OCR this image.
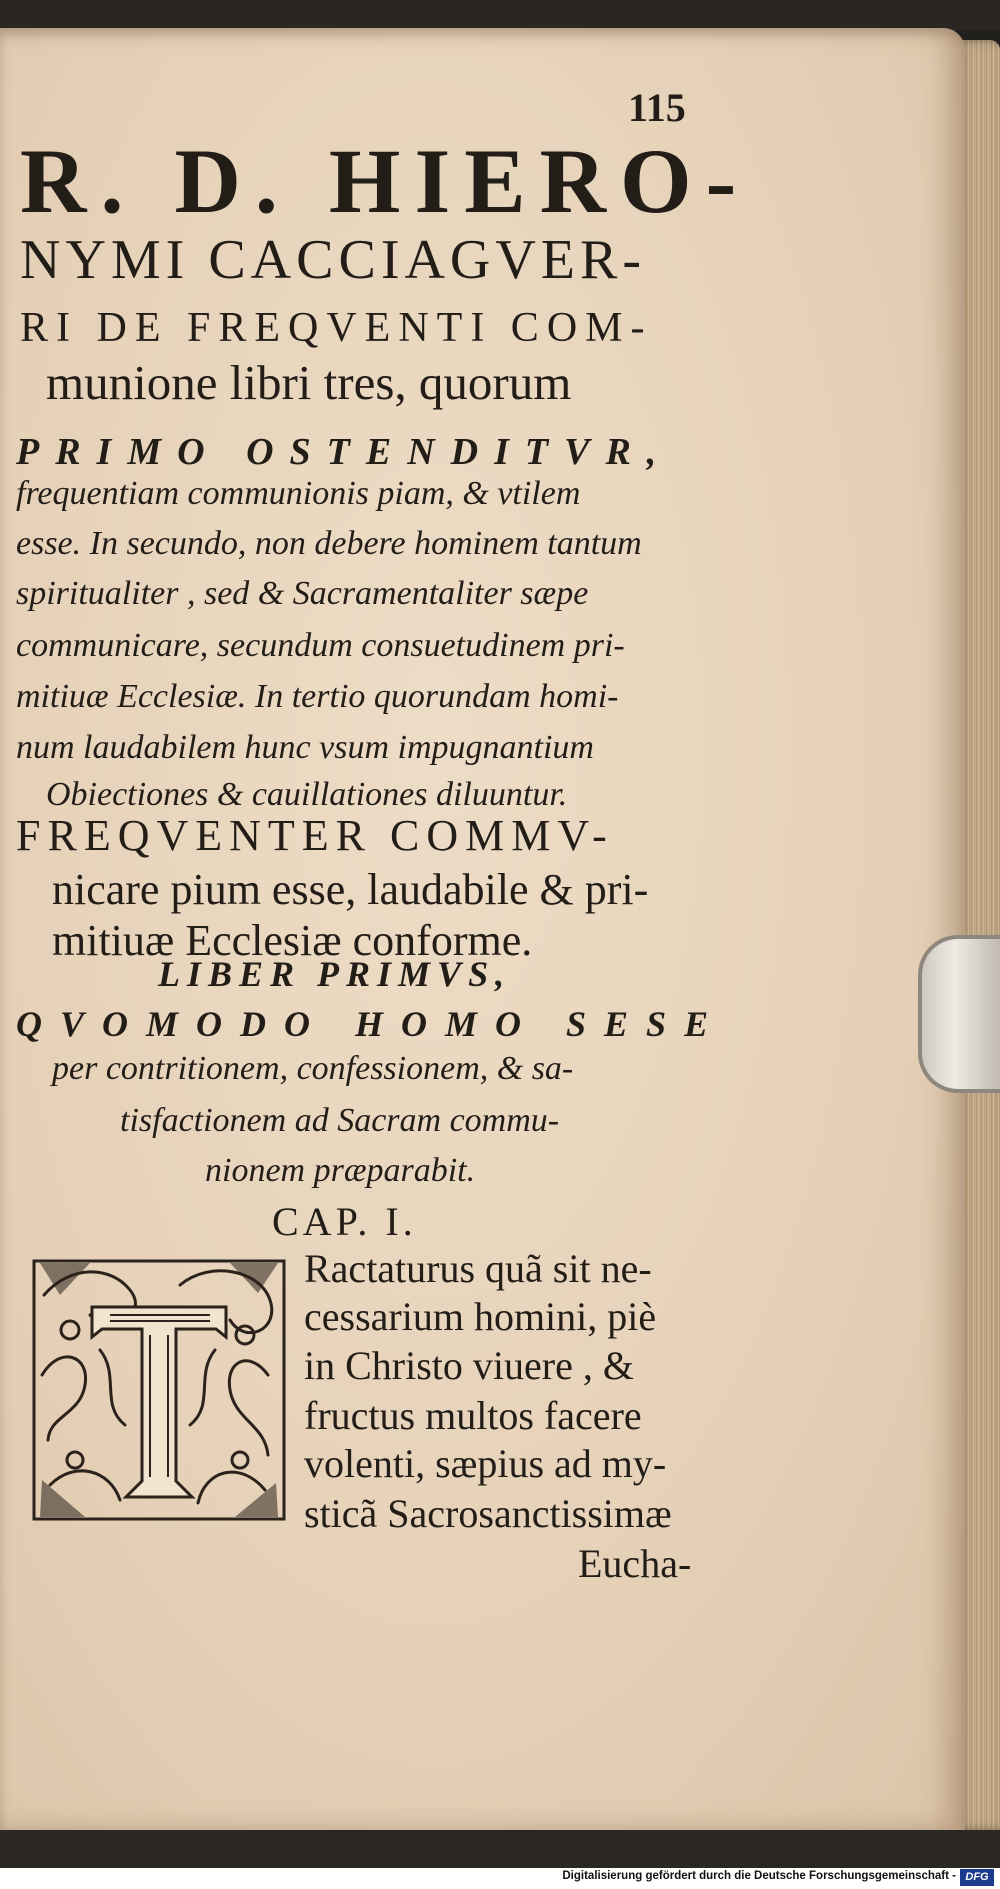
115
R. D. HIERO-
NYMI CACCIAGVER-
RI DE FREQVENTI COM-
munione libri tres, quorum
PRIMO OSTENDITVR,
frequentiam communionis piam, & vtilem
esse. In secundo, non debere hominem tantum
spiritualiter , sed & Sacramentaliter sæpe
communicare, secundum consuetudinem pri-
mitiuæ Ecclesiæ. In tertio quorundam homi-
num laudabilem hunc vsum impugnantium
Obiectiones & cauillationes diluuntur.
FREQVENTER COMMV-
nicare pium esse, laudabile & pri-
mitiuæ Ecclesiæ conforme.
LIBER PRIMVS,
QVOMODO HOMO SESE
per contritionem, confessionem, & sa-
tisfactionem ad Sacram commu-
nionem præparabit.
CAP. I.
Ractaturus quã sit ne-
cessarium homini, piè
in Christo viuere , &
fructus multos facere
volenti, sæpius ad my-
sticã Sacrosanctissimæ
Eucha-
Digitalisierung gefördert durch die Deutsche Forschungsgemeinschaft - DFG
